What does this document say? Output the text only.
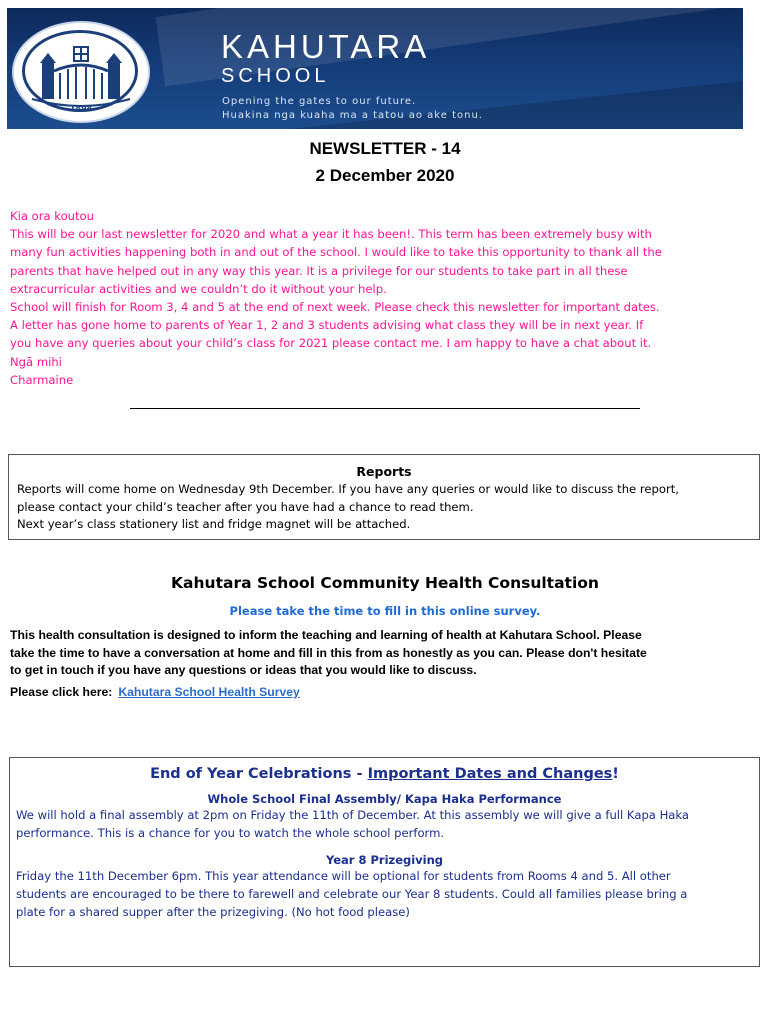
1898
KAHUTARA
SCHOOL
Opening the gates to our future.
Huakina nga kuaha ma a tatou ao ake tonu.
NEWSLETTER - 14
2 December 2020
Kia ora koutou
This will be our last newsletter for 2020 and what a year it has been!. This term has been extremely busy with
many fun activities happening both in and out of the school. I would like to take this opportunity to thank all the
parents that have helped out in any way this year. It is a privilege for our students to take part in all these
extracurricular activities and we couldn’t do it without your help.
School will finish for Room 3, 4 and 5 at the end of next week. Please check this newsletter for important dates.
A letter has gone home to parents of Year 1, 2 and 3 students advising what class they will be in next year. If
you have any queries about your child’s class for 2021 please contact me. I am happy to have a chat about it.
Ngā mihi
Charmaine
Reports
Reports will come home on Wednesday 9th December. If you have any queries or would like to discuss the report,
please contact your child’s teacher after you have had a chance to read them.
Next year’s class stationery list and fridge magnet will be attached.
Kahutara School Community Health Consultation
Please take the time to fill in this online survey.
This health consultation is designed to inform the teaching and learning of health at Kahutara School. Please
take the time to have a conversation at home and fill in this from as honestly as you can. Please don't hesitate
to get in touch if you have any questions or ideas that you would like to discuss.
Please click here: Kahutara School Health Survey
End of Year Celebrations - Important Dates and Changes!
Whole School Final Assembly/ Kapa Haka Performance
We will hold a final assembly at 2pm on Friday the 11th of December. At this assembly we will give a full Kapa Haka
performance. This is a chance for you to watch the whole school perform.
Year 8 Prizegiving
Friday the 11th December 6pm. This year attendance will be optional for students from Rooms 4 and 5. All other
students are encouraged to be there to farewell and celebrate our Year 8 students. Could all families please bring a
plate for a shared supper after the prizegiving. (No hot food please)
